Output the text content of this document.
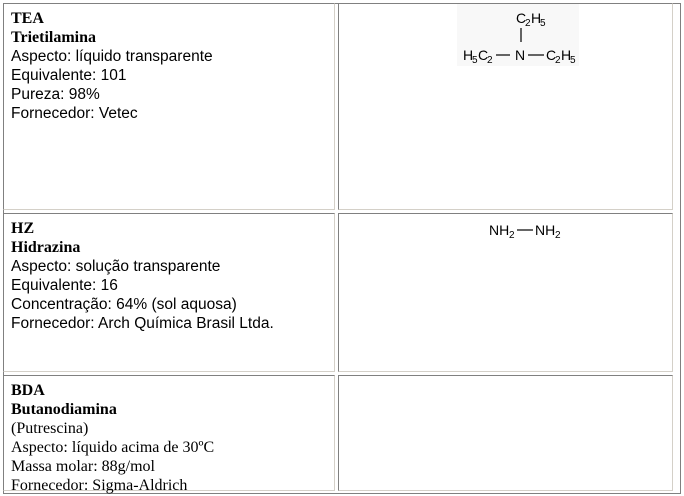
TEA
Trietilamina
Aspecto: líquido transparente
Equivalente: 101
Pureza: 98%
Fornecedor: Vetec
C
2 H
5
H
5 C
2 N C
2 H
5
HZ
Hidrazina
Aspecto: solução transparente
Equivalente: 16
Concentração: 64% (sol aquosa)
Fornecedor: Arch Química Brasil Ltda.
NH 2 NH 2
BDA
Butanodiamina
(Putrescina)
Aspecto: líquido acima de 30ºC
Massa molar: 88g/mol
Fornecedor: Sigma-Aldrich
